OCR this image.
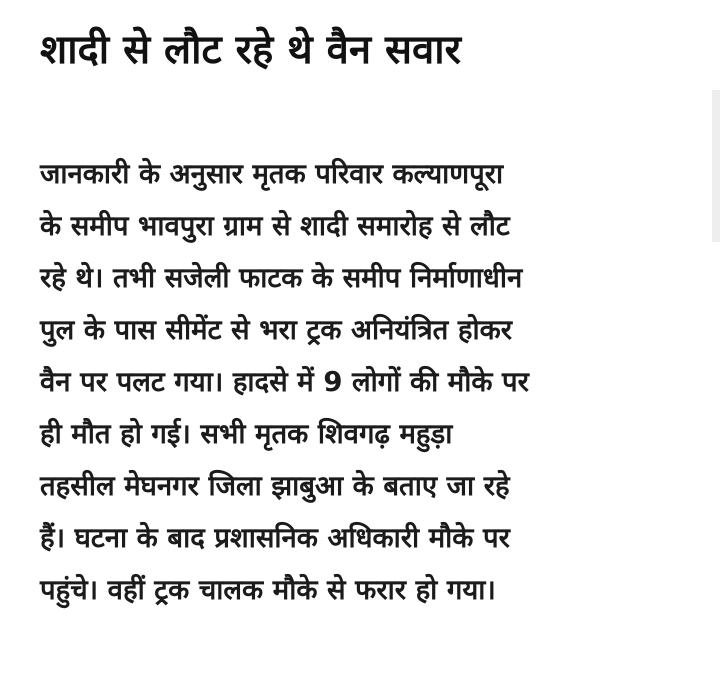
शादी से लौट रहे थे वैन सवार
जानकारी के अनुसार मृतक परिवार कल्याणपूरा
के समीप भावपुरा ग्राम से शादी समारोह से लौट
रहे थे। तभी सजेली फाटक के समीप निर्माणाधीन
पुल के पास सीमेंट से भरा ट्रक अनियंत्रित होकर
वैन पर पलट गया। हादसे में 9 लोगों की मौके पर
ही मौत हो गई। सभी मृतक शिवगढ़ महुड़ा
तहसील मेघनगर जिला झाबुआ के बताए जा रहे
हैं। घटना के बाद प्रशासनिक अधिकारी मौके पर
पहुंचे। वहीं ट्रक चालक मौके से फरार हो गया।
